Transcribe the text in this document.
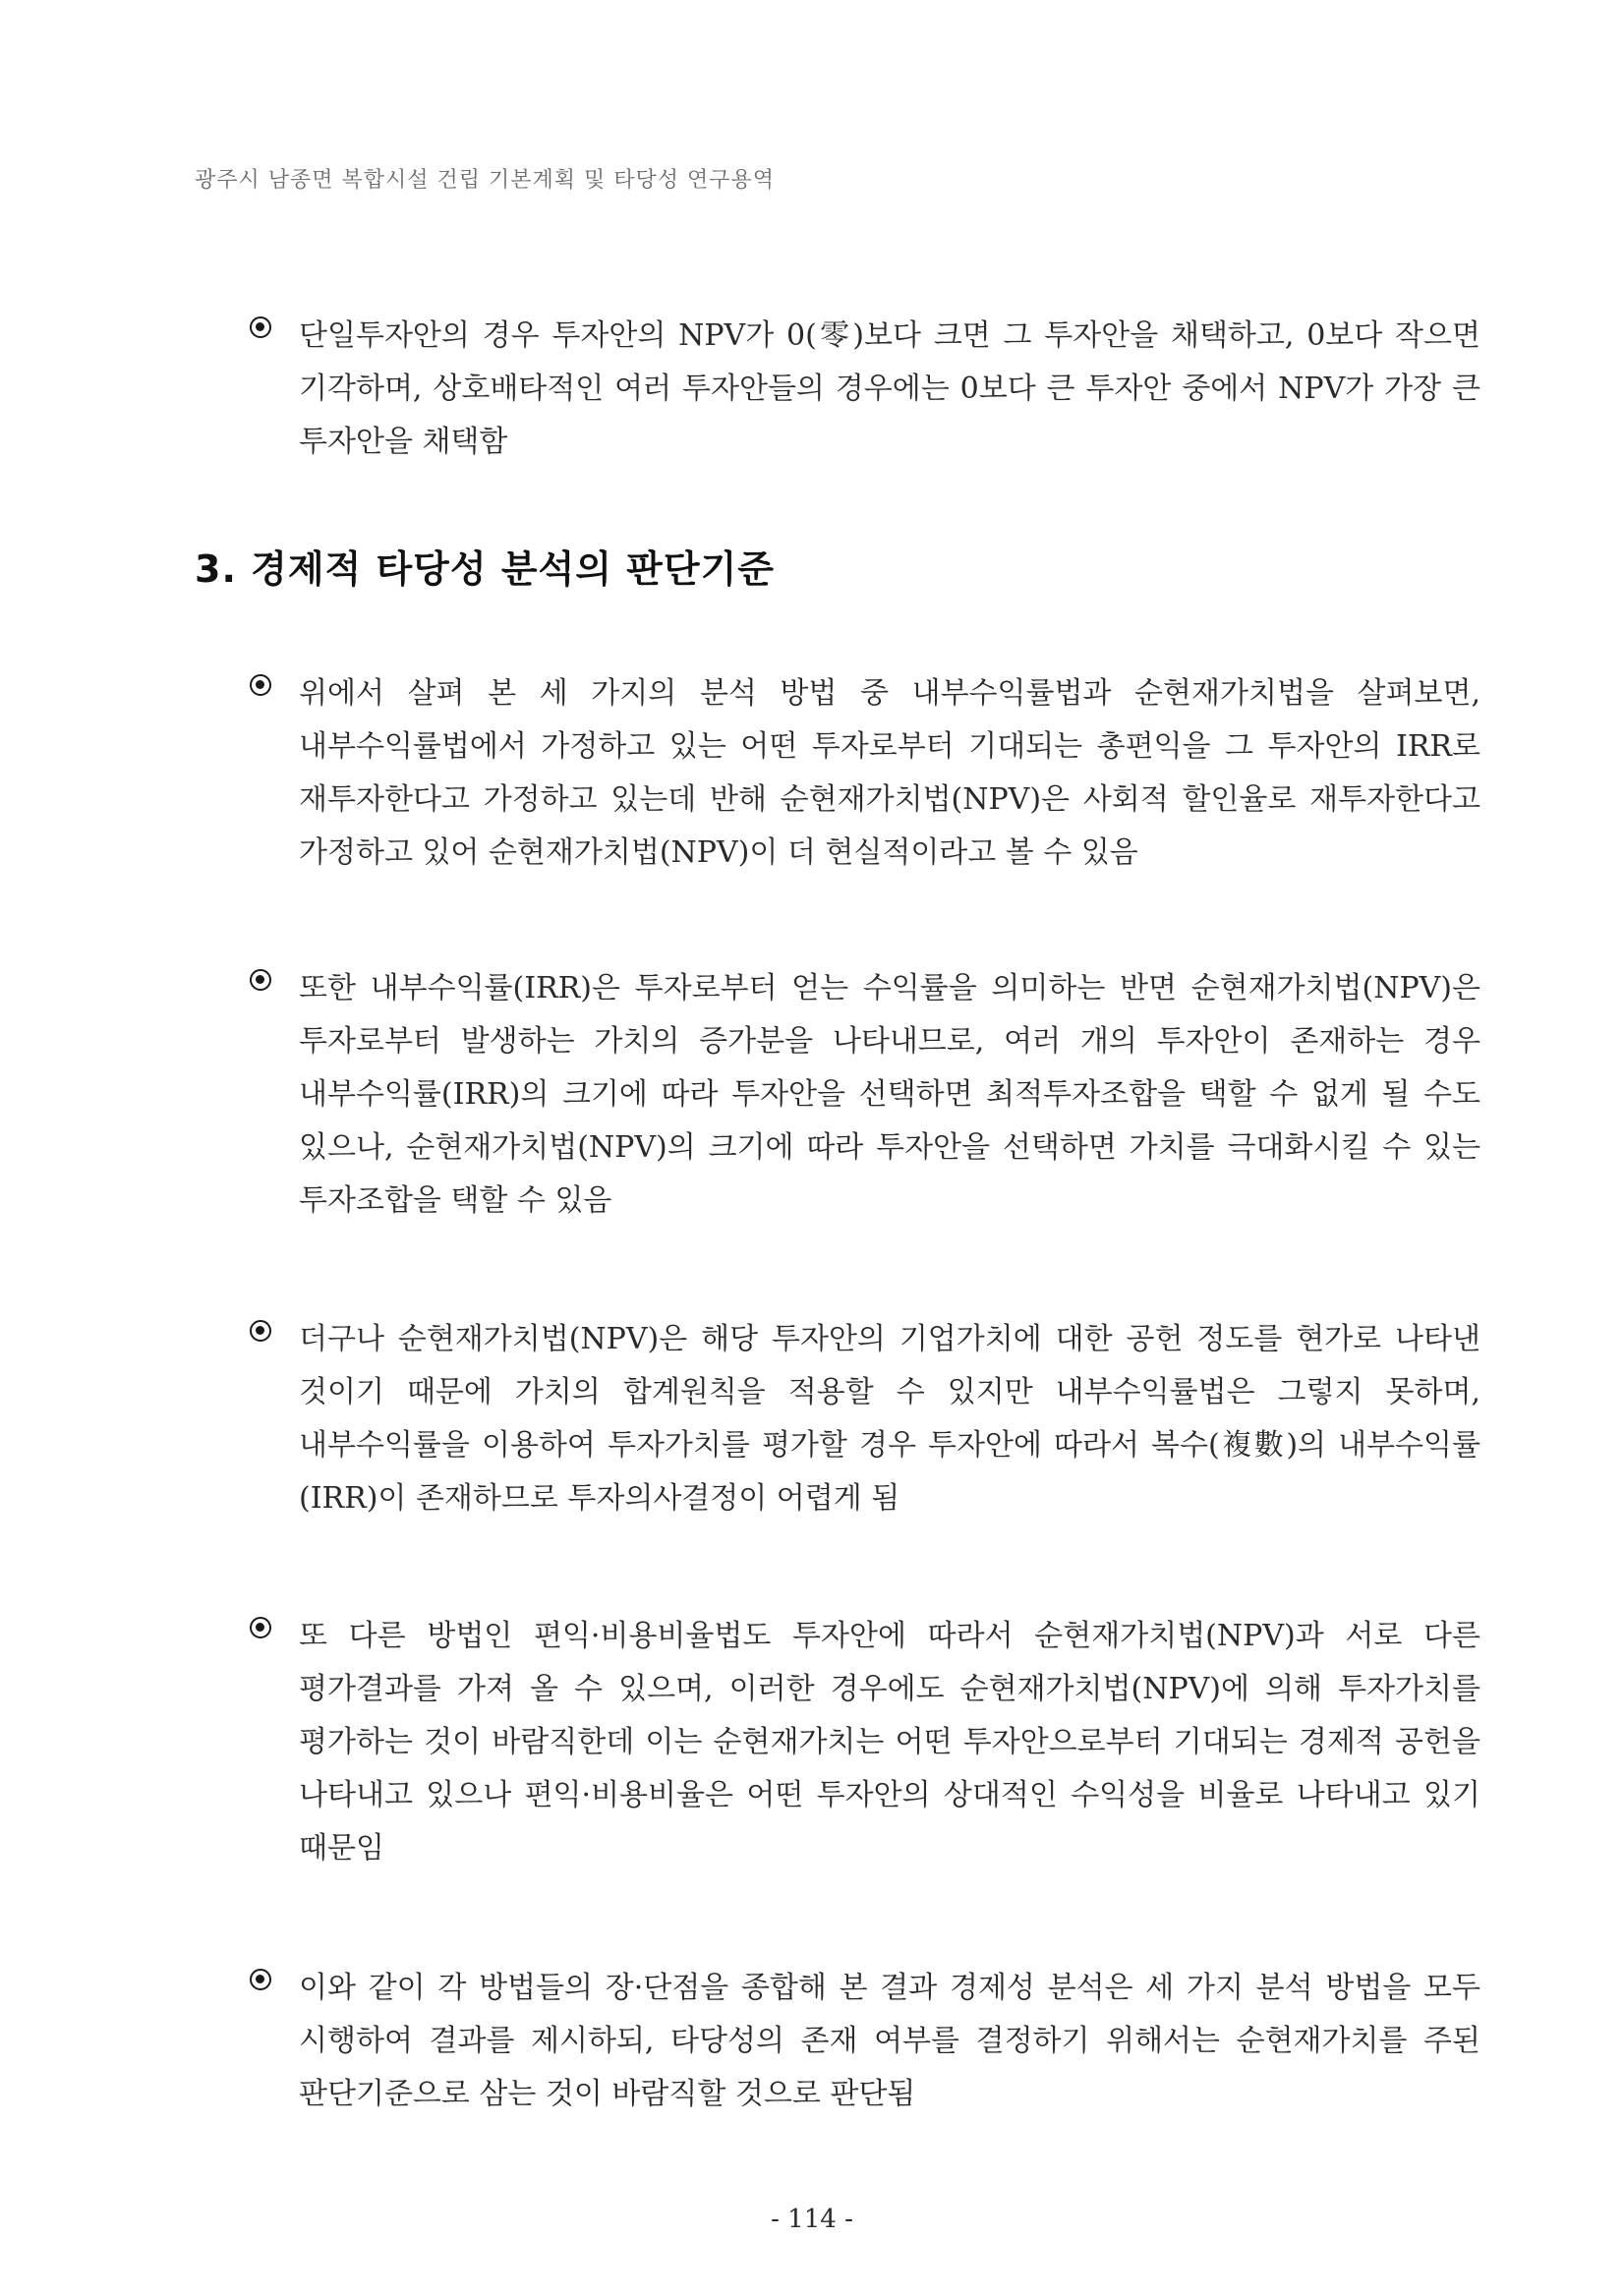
광주시 남종면 복합시설 건립 기본계획 및 타당성 연구용역
단일투자안의 경우 투자안의 NPV가 0(零)보다 크면 그 투자안을 채택하고, 0보다 작으면 기각하며, 상호배타적인 여러 투자안들의 경우에는 0보다 큰 투자안 중에서 NPV가 가장 큰 투자안을 채택함
3. 경제적 타당성 분석의 판단기준
위에서 살펴 본 세 가지의 분석 방법 중 내부수익률법과 순현재가치법을 살펴보면, 내부수익률법에서 가정하고 있는 어떤 투자로부터 기대되는 총편익을 그 투자안의 IRR로 재투자한다고 가정하고 있는데 반해 순현재가치법(NPV)은 사회적 할인율로 재투자한다고 가정하고 있어 순현재가치법(NPV)이 더 현실적이라고 볼 수 있음
또한 내부수익률(IRR)은 투자로부터 얻는 수익률을 의미하는 반면 순현재가치법(NPV)은 투자로부터 발생하는 가치의 증가분을 나타내므로, 여러 개의 투자안이 존재하는 경우 내부수익률(IRR)의 크기에 따라 투자안을 선택하면 최적투자조합을 택할 수 없게 될 수도 있으나, 순현재가치법(NPV)의 크기에 따라 투자안을 선택하면 가치를 극대화시킬 수 있는 투자조합을 택할 수 있음
더구나 순현재가치법(NPV)은 해당 투자안의 기업가치에 대한 공헌 정도를 현가로 나타낸 것이기 때문에 가치의 합계원칙을 적용할 수 있지만 내부수익률법은 그렇지 못하며, 내부수익률을 이용하여 투자가치를 평가할 경우 투자안에 따라서 복수(複數)의 내부수익률(IRR)이 존재하므로 투자의사결정이 어렵게 됨
또 다른 방법인 편익·비용비율법도 투자안에 따라서 순현재가치법(NPV)과 서로 다른 평가결과를 가져 올 수 있으며, 이러한 경우에도 순현재가치법(NPV)에 의해 투자가치를 평가하는 것이 바람직한데 이는 순현재가치는 어떤 투자안으로부터 기대되는 경제적 공헌을 나타내고 있으나 편익·비용비율은 어떤 투자안의 상대적인 수익성을 비율로 나타내고 있기 때문임
이와 같이 각 방법들의 장·단점을 종합해 본 결과 경제성 분석은 세 가지 분석 방법을 모두 시행하여 결과를 제시하되, 타당성의 존재 여부를 결정하기 위해서는 순현재가치를 주된 판단기준으로 삼는 것이 바람직할 것으로 판단됨
- 114 -
